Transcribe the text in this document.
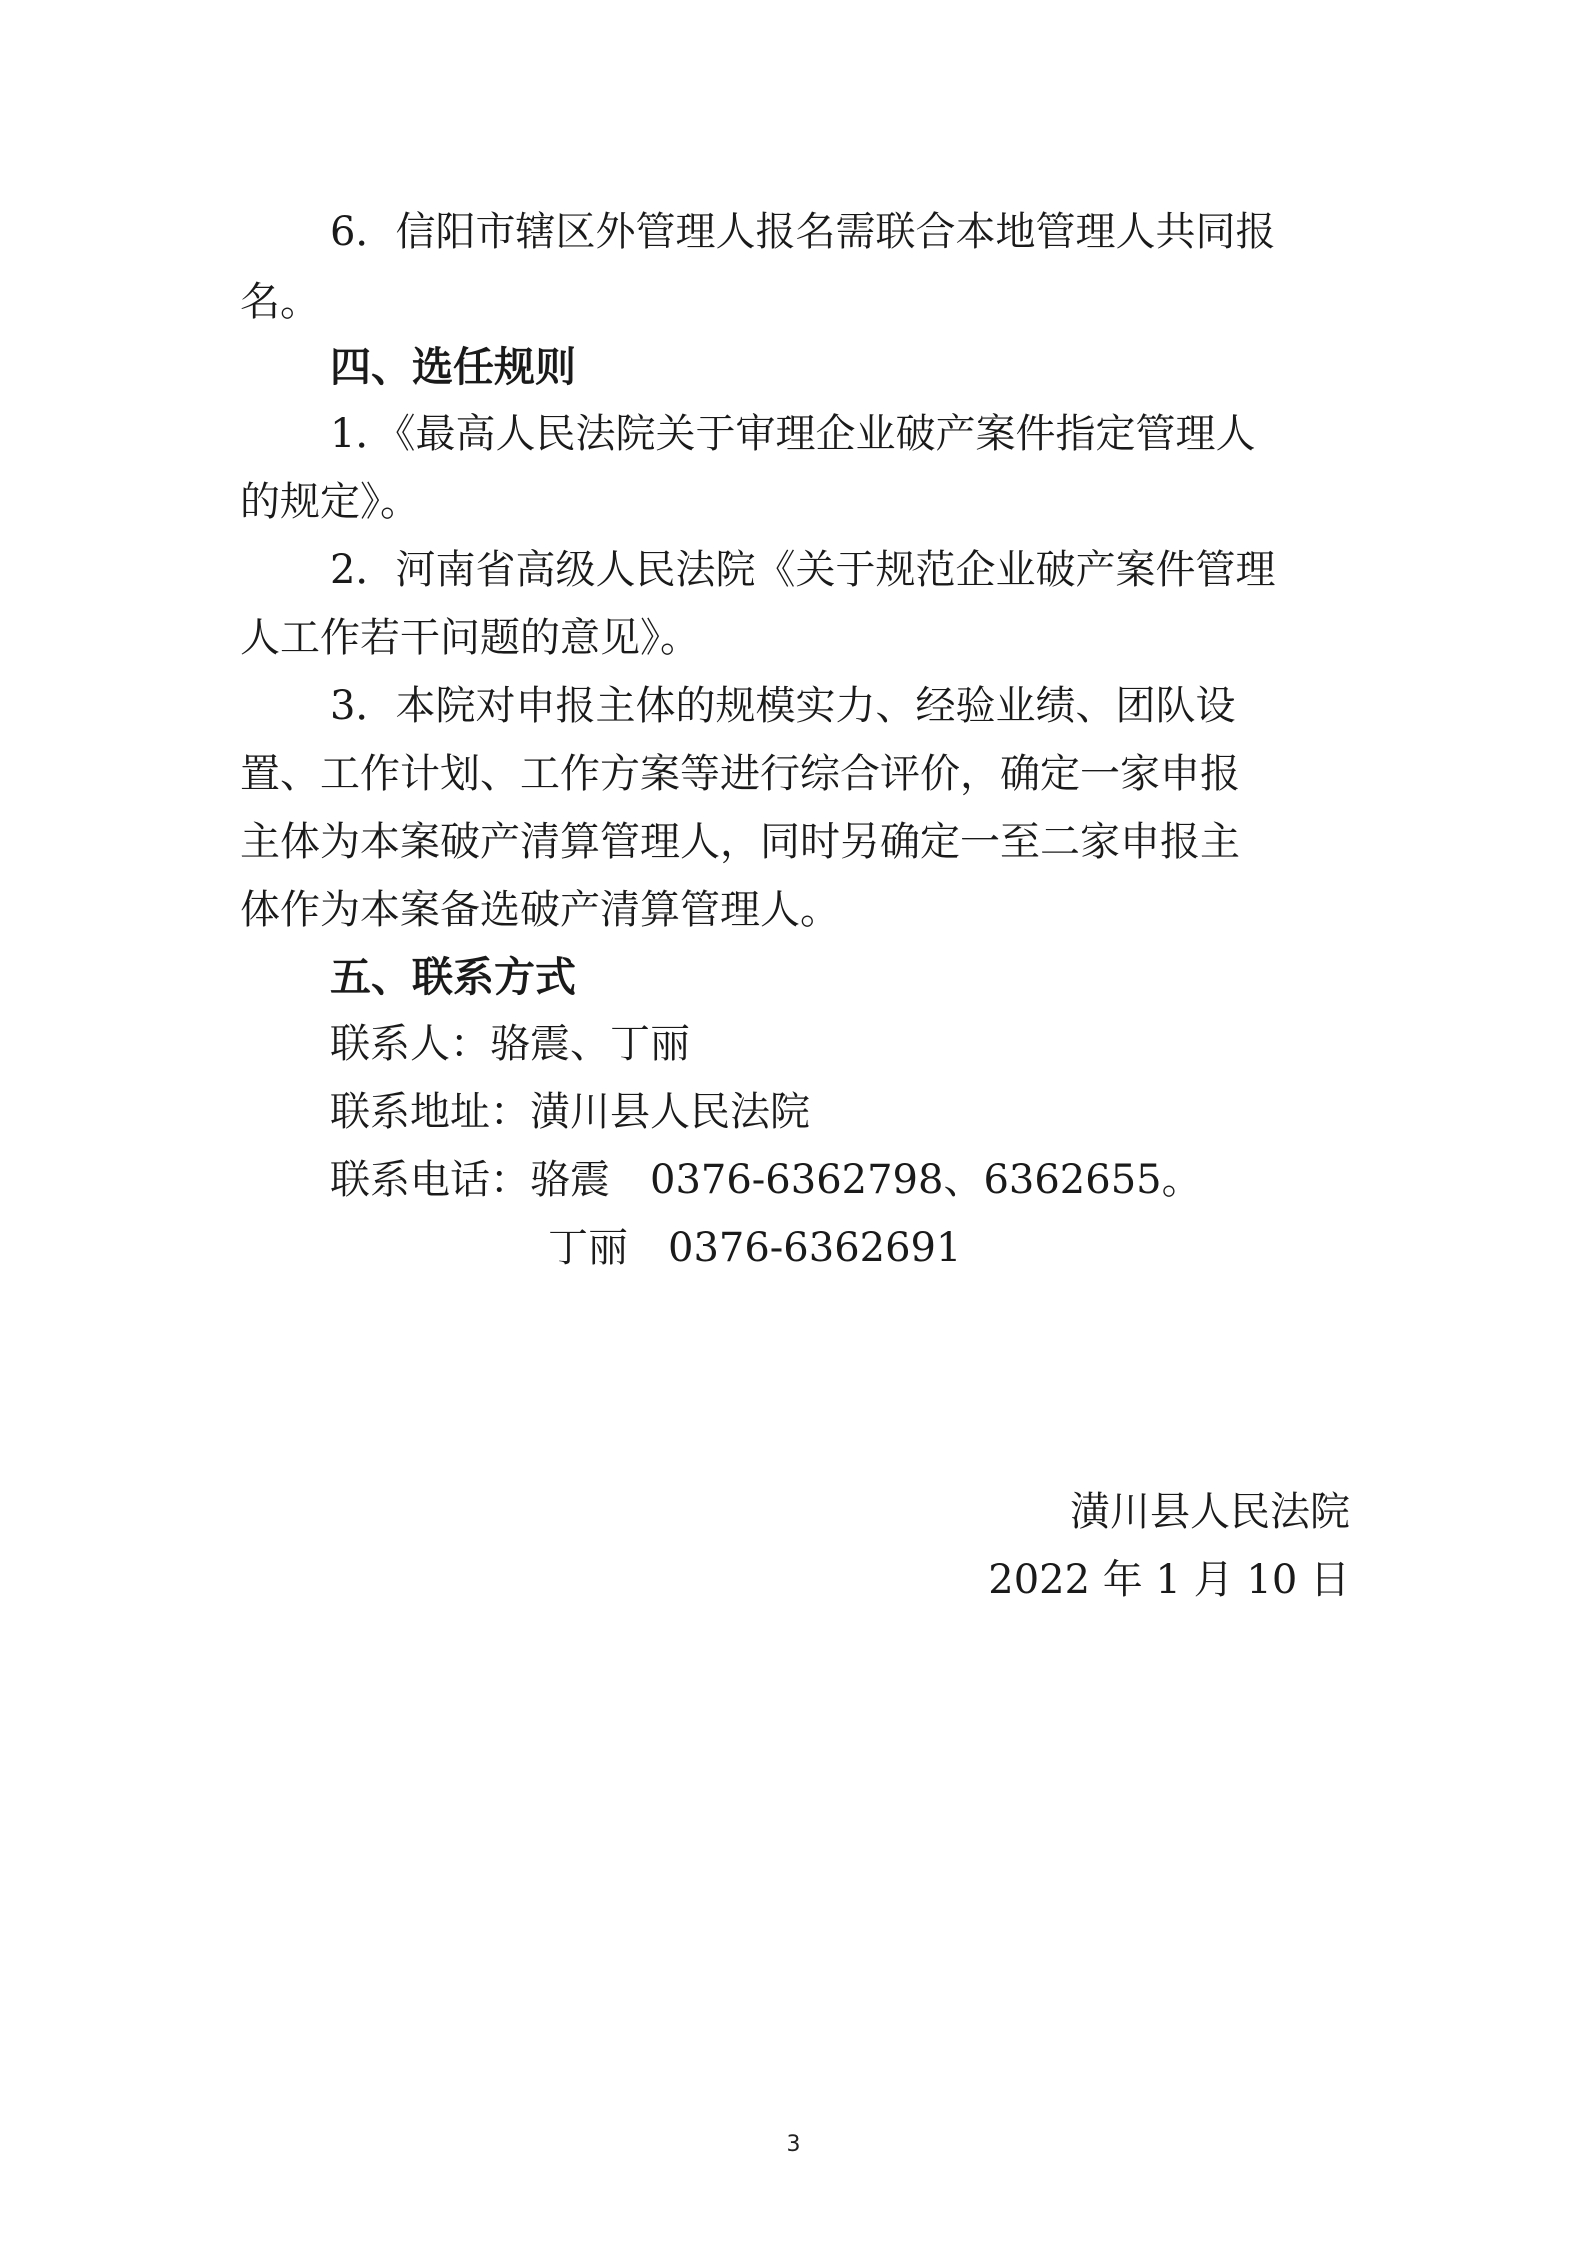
6．信阳市辖区外管理人报名需联合本地管理人共同报
名。
四、选任规则
1．《最高人民法院关于审理企业破产案件指定管理人
的规定》。
2．河南省高级人民法院《关于规范企业破产案件管理
人工作若干问题的意见》。
3．本院对申报主体的规模实力、经验业绩、团队设
置、工作计划、工作方案等进行综合评价，确定一家申报
主体为本案破产清算管理人，同时另确定一至二家申报主
体作为本案备选破产清算管理人。
五、联系方式
联系人：骆震、丁丽
联系地址：潢川县人民法院
联系电话：骆震　0376-6362798、6362655。
丁丽　0376-6362691
潢川县人民法院
2022 年 1 月 10 日
3
